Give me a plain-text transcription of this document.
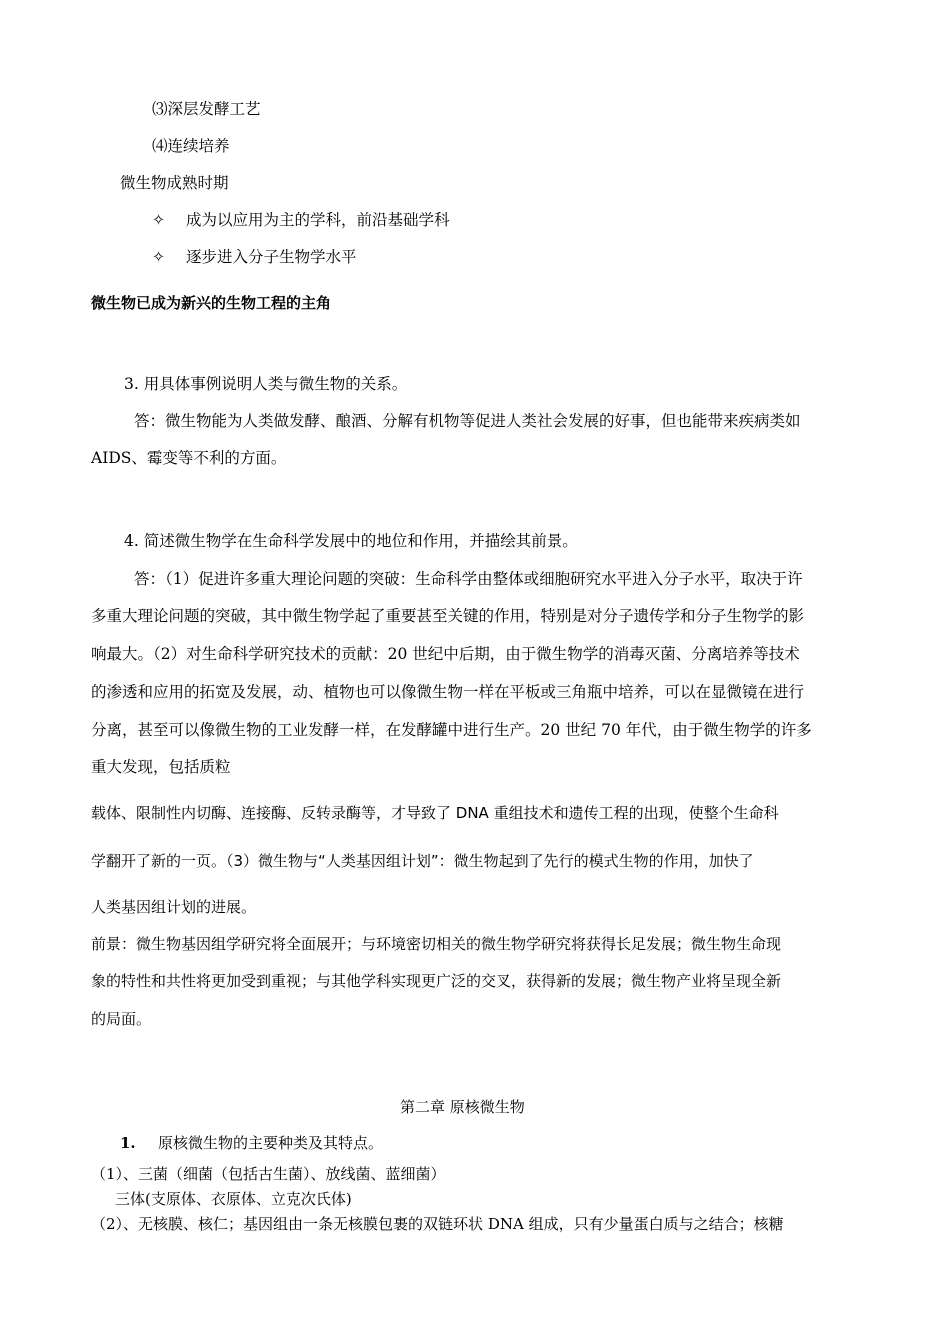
⑶深层发酵工艺
⑷连续培养
微生物成熟时期
✧ 成为以应用为主的学科，前沿基础学科
✧ 逐步进入分子生物学水平
微生物已成为新兴的生物工程的主角
3. 用具体事例说明人类与微生物的关系。
答：微生物能为人类做发酵、酿酒、分解有机物等促进人类社会发展的好事，但也能带来疾病类如
AIDS、霉变等不利的方面。
4. 简述微生物学在生命科学发展中的地位和作用，并描绘其前景。
答：（1）促进许多重大理论问题的突破：生命科学由整体或细胞研究水平进入分子水平，取决于许
多重大理论问题的突破，其中微生物学起了重要甚至关键的作用，特别是对分子遗传学和分子生物学的影
响最大。（2）对生命科学研究技术的贡献：20 世纪中后期，由于微生物学的消毒灭菌、分离培养等技术
的渗透和应用的拓宽及发展，动、植物也可以像微生物一样在平板或三角瓶中培养，可以在显微镜在进行
分离，甚至可以像微生物的工业发酵一样，在发酵罐中进行生产。20 世纪 70 年代，由于微生物学的许多
重大发现，包括质粒
载体、限制性内切酶、连接酶、反转录酶等，才导致了 DNA 重组技术和遗传工程的出现，使整个生命科
学翻开了新的一页。（3）微生物与“人类基因组计划”：微生物起到了先行的模式生物的作用，加快了
人类基因组计划的进展。
前景：微生物基因组学研究将全面展开；与环境密切相关的微生物学研究将获得长足发展；微生物生命现
象的特性和共性将更加受到重视；与其他学科实现更广泛的交叉，获得新的发展；微生物产业将呈现全新
的局面。
第二章 原核微生物
1. 原核微生物的主要种类及其特点。
（1）、三菌（细菌（包括古生菌）、放线菌、蓝细菌）
三体(支原体、衣原体、立克次氏体)
（2）、无核膜、核仁；基因组由一条无核膜包裹的双链环状 DNA 组成，只有少量蛋白质与之结合；核糖
